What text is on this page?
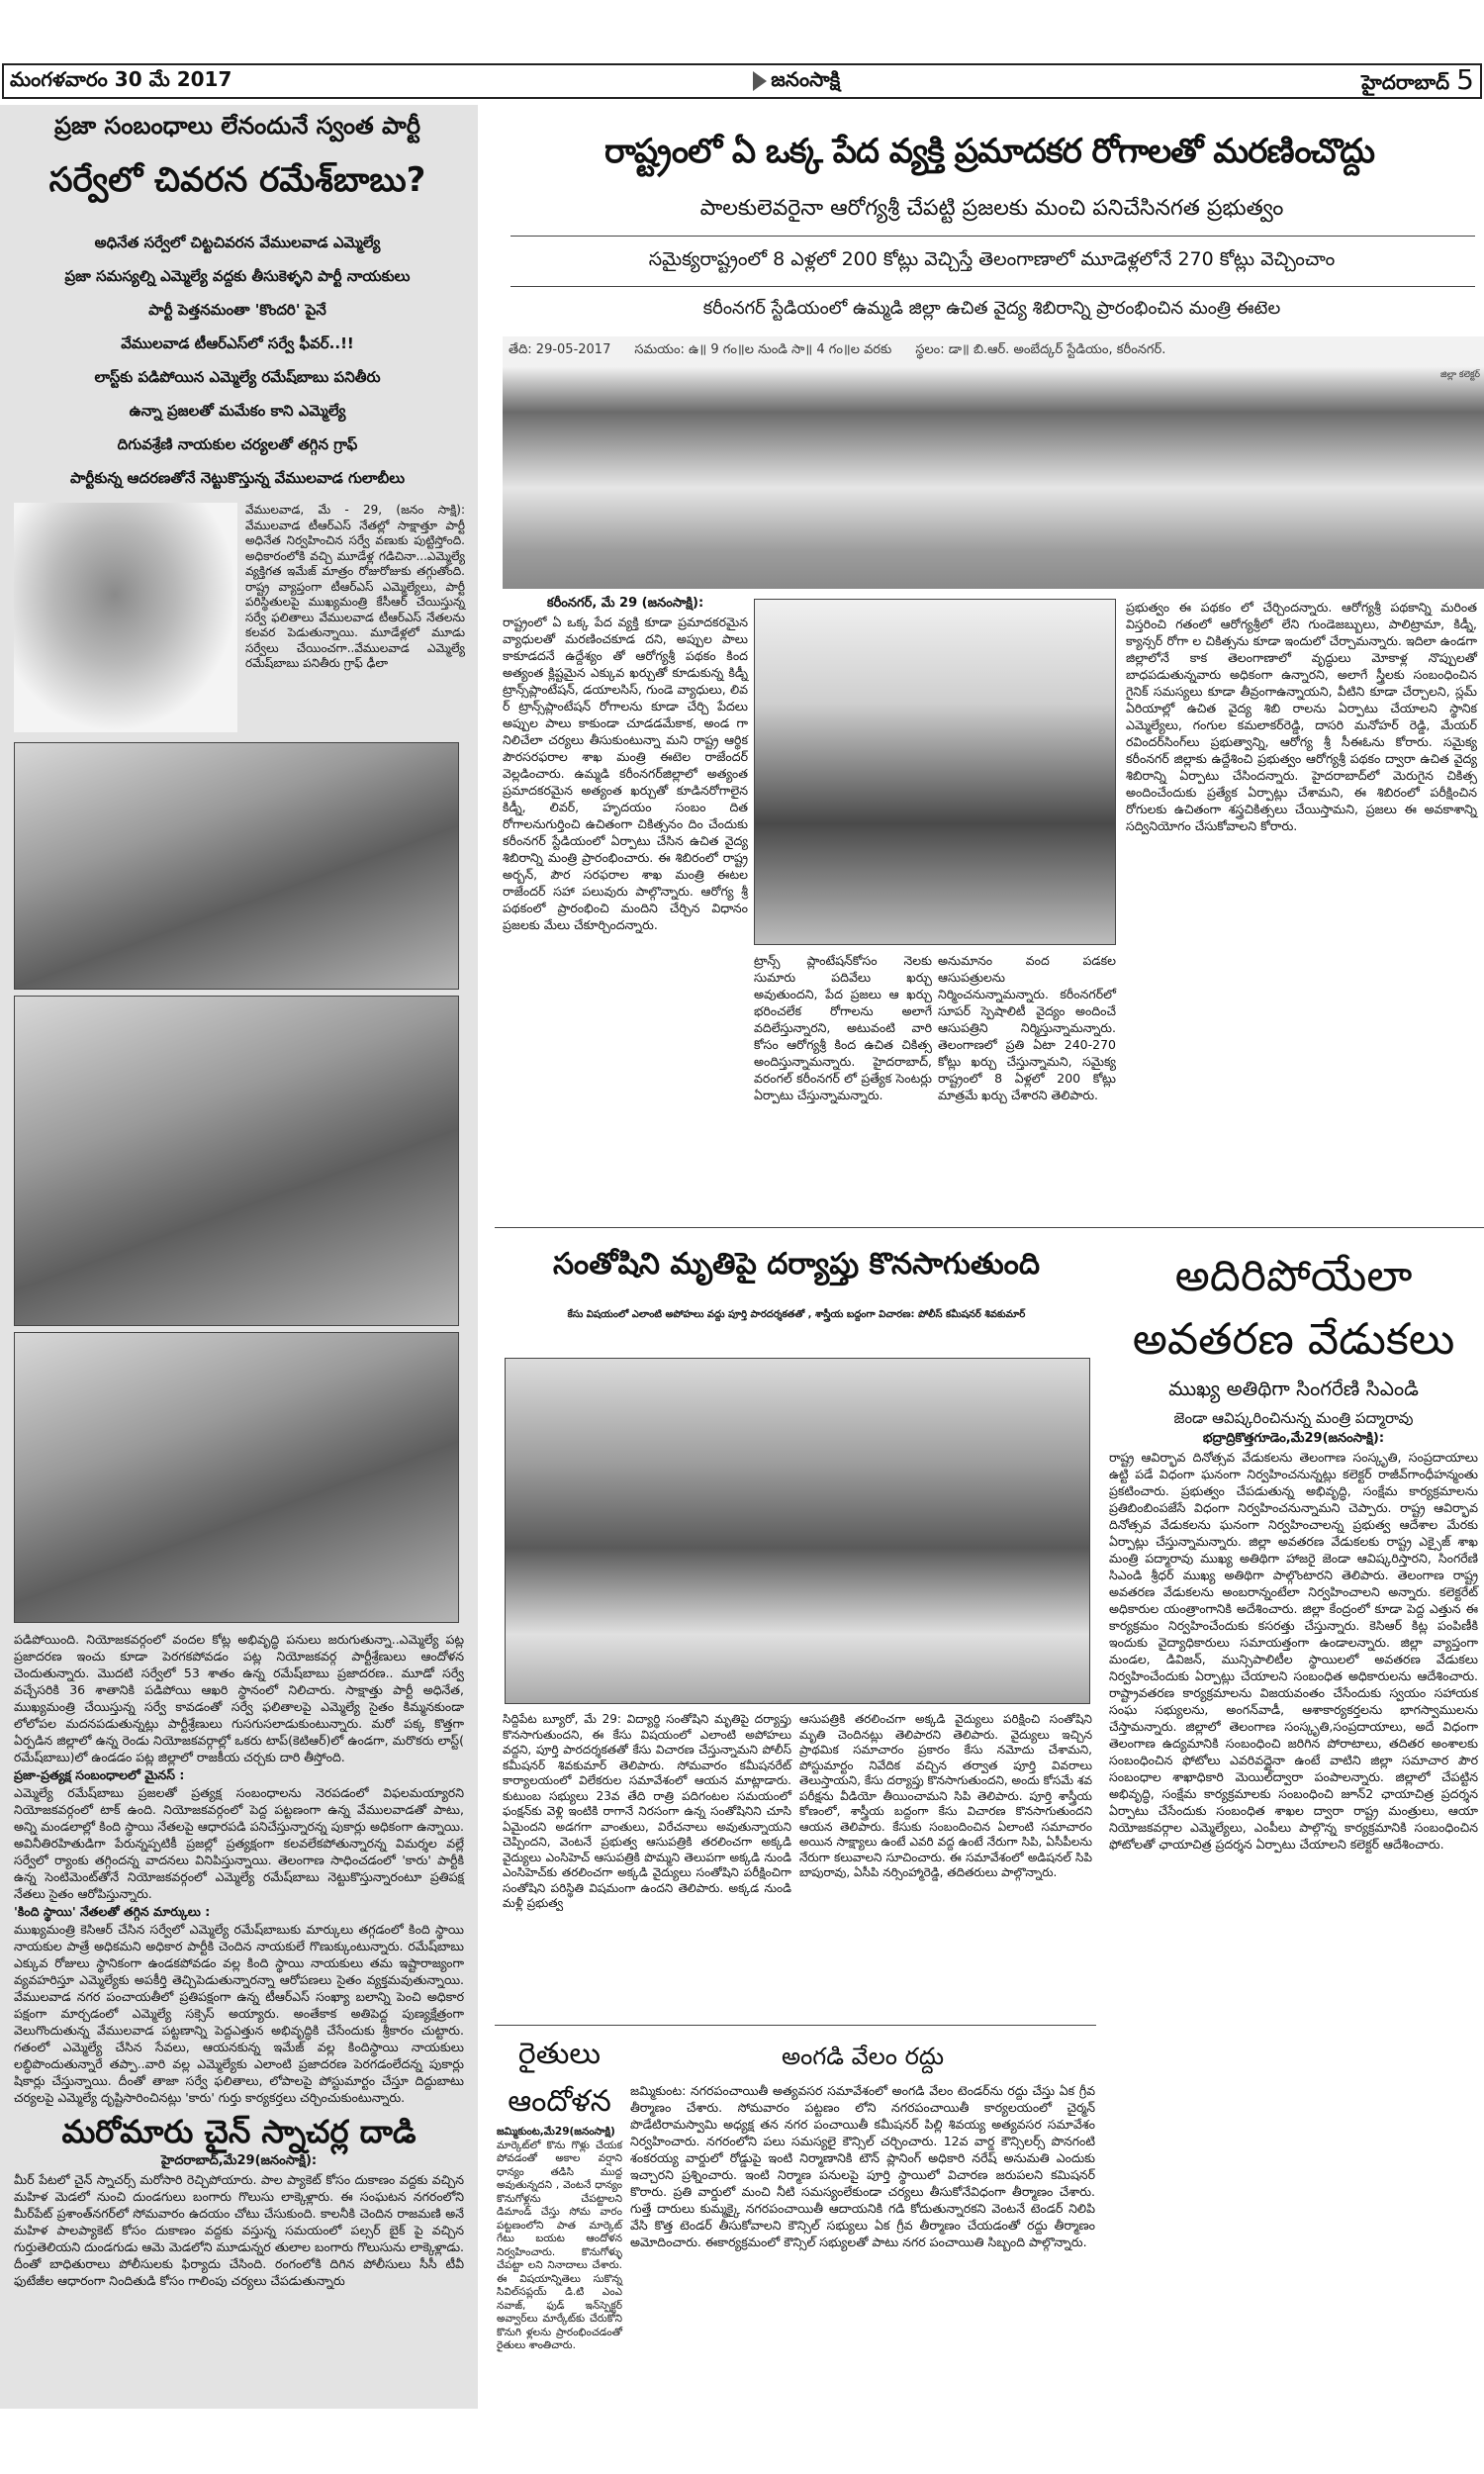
మంగళవారం 30 మే 2017	జనంసాక్షి	హైదరాబాద్ 5
ప్రజా సంబంధాలు లేనందునే స్వంత పార్టీ
సర్వేలో చివరన రమేశ్‌బాబు?
అధినేత సర్వేలో చిట్టచివరన వేములవాడ ఎమ్మెల్యే
ప్రజా సమస్యల్ని ఎమ్మెల్యే వద్దకు తీసుకెళ్ళని పార్టీ నాయకులు
పార్టీ పెత్తనమంతా 'కొందరి' పైనే
వేములవాడ టీఆర్ఎస్‌లో సర్వే ఫీవర్..!!
లాస్ట్‌కు పడిపోయిన ఎమ్మెల్యే రమేష్‌బాబు పనితీరు
ఉన్నా ప్రజలతో మమేకం కాని ఎమ్మెల్యే
దిగువశ్రేణి నాయకుల చర్యలతో తగ్గిన గ్రాఫ్
పార్టీకున్న ఆదరణతోనే నెట్టుకొస్తున్న వేములవాడ గులాబీలు
వేములవాడ, మే - 29, (జనం సాక్షి): వేములవాడ టీఆర్ఎస్ నేతల్లో సాక్షాత్తూ పార్టీ అధినేత నిర్వహించిన సర్వే వణుకు పుట్టిస్తోంది. అధికారంలోకి వచ్చి మూడేళ్ల గడిచినా...ఎమ్మెల్యే వ్యక్తిగత ఇమేజ్ మాత్రం రోజురోజుకు తగ్గుతోంది. రాష్ట్ర వ్యాప్తంగా టీఆర్ఎస్ ఎమ్మెల్యేలు, పార్టీ పరిస్థితులపై ముఖ్యమంత్రి కేసీఆర్ చేయిస్తున్న సర్వే ఫలితాలు వేములవాడ టీఆర్ఎస్ నేతలను కలవర పెడుతున్నాయి. మూడేళ్లలో మూడు సర్వేలు చేయించగా..వేములవాడ ఎమ్మెల్యే రమేష్‌బాబు పనితీరు గ్రాఫ్ ఢీలా

పడిపోయింది. నియోజకవర్గంలో వందల కోట్ల అభివృద్ధి పనులు జరుగుతున్నా..ఎమ్మెల్యే పట్ల ప్రజాదరణ ఇంచు కూడా పెరగకపోవడం పట్ల నియోజకవర్గ పార్టీశ్రేణులు ఆందోళన చెందుతున్నారు. మొదటి సర్వేలో 53 శాతం ఉన్న రమేష్‌బాబు ప్రజాదరణ.. మూడో సర్వే వచ్చేసరికి 36 శాతానికి పడిపోయి ఆఖరి స్థానంలో నిలిచారు. సాక్షాత్తు పార్టీ అధినేత, ముఖ్యమంత్రి చేయిస్తున్న సర్వే కావడంతో సర్వే ఫలితాలపై ఎమ్మెల్యే సైతం కిమ్మనకుండా లోలోపల మదనపడుతున్నట్లు పార్టీశ్రేణులు గుసగుసలాడుకుంటున్నారు. మరో పక్క కొత్తగా ఏర్పడిన జిల్లాలో ఉన్న రెండు నియోజకవర్గాల్లో ఒకరు టాప్(కెటిఆర్)లో ఉండగా, మరొకరు లాస్ట్( రమేష్‌బాబు)లో ఉండడం పట్ల జిల్లాలో రాజకీయ చర్చకు దారి తీస్తోంది.

ప్రజా-ప్రత్యక్ష సంబంధాలలో మైనస్ :

ఎమ్మెల్యే రమేష్‌బాబు ప్రజలతో ప్రత్యక్ష సంబంధాలను నెరపడంలో విఫలమయ్యారని నియోజకవర్గంలో టాక్ ఉంది. నియోజకవర్గంలో పెద్ద పట్టణంగా ఉన్న వేములవాడతో పాటు, అన్ని మండలాల్లో కింది స్థాయి నేతలపై ఆధారపడి పనిచేస్తున్నారన్న పుకార్లు అధికంగా ఉన్నాయి. అవినీతిరహితుడిగా పేరున్నప్పటికీ ప్రజల్లో ప్రత్యక్షంగా కలవలేకపోతున్నారన్న విమర్శల వల్లే సర్వేలో ర్యాంకు తగ్గిందన్న వాదనలు వినిపిస్తున్నాయి. తెలంగాణ సాధించడంలో 'కారు' పార్టీకి ఉన్న సెంటిమెంట్‌తోనే నియోజకవర్గంలో ఎమ్మెల్యే రమేష్‌బాబు నెట్టుకొస్తున్నారంటూ ప్రతిపక్ష నేతలు సైతం ఆరోపిస్తున్నారు.

'కింది స్థాయి' నేతలతో తగ్గిన మార్కులు :

ముఖ్యమంత్రి కెసిఆర్ చేసిన సర్వేలో ఎమ్మెల్యే రమేష్‌బాబుకు మార్కులు తగ్గడంలో కింది స్థాయి నాయకుల పాత్రే అధికమని అధికార పార్టీకి చెందిన నాయకులే గొణుక్కుంటున్నారు. రమేష్‌బాబు ఎక్కువ రోజులు స్థానికంగా ఉండకపోవడం వల్ల కింది స్థాయి నాయకులు తమ ఇష్టారాజ్యంగా వ్యవహరిస్తూ ఎమ్మెల్యేకు అపకీర్తి తెచ్చిపెడుతున్నారన్నా ఆరోపణలు సైతం వ్యక్తమవుతున్నాయి. వేములవాడ నగర పంచాయతీలో ప్రతిపక్షంగా ఉన్న టీఆర్ఎస్ సంఖ్యా బలాన్ని పెంచి అధికార పక్షంగా మార్చడంలో ఎమ్మెల్యే సక్సెస్ అయ్యారు. అంతేకాక అతిపెద్ద పుణ్యక్షేత్రంగా వెలుగొందుతున్న వేములవాడ పట్టణాన్ని పెద్దఎత్తున అభివృద్ధికి చేసేందుకు శ్రీకారం చుట్టారు. గతంలో ఎమ్మెల్యే చేసిన సేవలు, ఆయనకున్న ఇమేజ్ వల్ల కిందిస్థాయి నాయకులు లబ్ధిపొందుతున్నారే తప్పా..వారి వల్ల ఎమ్మెల్యేకు ఎలాంటి ప్రజాదరణ పెరగడంలేదన్న పుకార్లు షికార్లు చేస్తున్నాయి. దీంతో తాజా సర్వే ఫలితాలు, లోపాలపై పోస్టుమార్టం చేస్తూ దిద్దుబాటు చర్యలపై ఎమ్మెల్యే దృష్టిసారించినట్లు 'కారు' గుర్తు కార్యకర్తలు చర్చించుకుంటున్నారు.

మరోమారు చైన్ స్నాచర్ల దాడి
హైదరాబాద్,మే29(జనంసాక్షి):
మీర్ పేటలో చైన్ స్నాచర్స్ మరోసారి రెచ్చిపోయారు. పాల ప్యాకెట్ కోసం దుకాణం వద్దకు వచ్చిన మహిళ మెడలో నుంచి దుండగులు బంగారు గొలుసు లాక్కెళ్లారు. ఈ సంఘటన నగరంలోని మీర్‌పేట్ ప్రశాంత్‌నగర్‌లో సోమవారం ఉదయం చోటు చేసుకుంది. కాలనీకి చెందిన రాజమణి అనే మహిళ పాలప్యాకెట్ కోసం దుకాణం వద్దకు వస్తున్న సమయంలో పల్సర్ బైక్ పై వచ్చిన గుర్తుతెలియని దుండగుడు ఆమె మెడలోని మూడున్నర తులాల బంగారు గొలుసును లాక్కెళ్లాడు. దీంతో బాధితురాలు పోలీసులకు ఫిర్యాదు చేసింది. రంగంలోకి దిగిన పోలీసులు సీసీ టీవీ ఫుటేజీల ఆధారంగా నిందితుడి కోసం గాలింపు చర్యలు చేపడుతున్నారు
రాష్ట్రంలో ఏ ఒక్క పేద వ్యక్తి ప్రమాదకర రోగాలతో మరణించొద్దు
పాలకులెవరైనా ఆరోగ్యశ్రీ చేపట్టి ప్రజలకు మంచి పనిచేసినగత ప్రభుత్వం
సమైక్యరాష్ట్రంలో 8 ఎళ్లలో 200 కోట్లు వెచ్చిస్తే తెలంగాణాలో మూడెళ్లలోనే 270 కోట్లు వెచ్చించాం
కరీంనగర్ స్టేడియంలో ఉమ్మడి జిల్లా ఉచిత వైద్య శిబిరాన్ని ప్రారంభించిన మంత్రి ఈటెల
తేది: 29-05-2017 సమయం: ఉ॥ 9 గం॥ల నుండి సా॥ 4 గం॥ల వరకు స్థలం: డా॥ బి.ఆర్. అంబేద్కర్ స్టేడియం, కరీంనగర్.
జిల్లా కలెక్టర్
కరీంనగర్, మే 29 (జనంసాక్షి):
రాష్ట్రంలో ఏ ఒక్క పేద వ్యక్తి కూడా ప్రమాదకరమైన వ్యాధులతో మరణించకూడ దని, అప్పుల పాలు కాకూడదనే ఉద్దేశ్యం తో ఆరోగ్యశ్రీ పథకం కింద అత్యంత క్లిష్టమైన ఎక్కువ ఖర్చుతో కూడుకున్న కిడ్నీ ట్రాన్స్‌ప్లాంటేషన్, డయాలసిస్, గుండె వ్యాధులు, లివ ర్ ట్రాన్స్‌ప్లాంటేషన్ రోగాలను కూడా చేర్చి పేదలు అప్పుల పాలు కాకుండా చూడడమేకాక, అండ గా నిలిచేలా చర్యలు తీసుకుంటున్నా మని రాష్ట్ర ఆర్థిక పౌరసరఫరాల శాఖ మంత్రి ఈటెల రాజేందర్ వెల్లడించారు. ఉమ్మడి కరీంనగర్‌జిల్లాలో అత్యంత ప్రమాదకరమైన అత్యంత ఖర్చుతో కూడినరోగాలైన కిడ్నీ, లివర్, హృదయం సంబం దిత రోగాలనుగుర్తించి ఉచితంగా చికిత్సనం దిం చేందుకు కరీంనగర్ స్టేడియంలో ఏర్పాటు చేసిన ఉచిత వైద్య శిబిరాన్ని మంత్రి ప్రారంభించారు. ఈ శిబిరంలో రాష్ట్ర అర్బన్, పౌర సరఫరాల శాఖ మంత్రి ఈటల రాజేందర్ సహా పలువురు పాల్గొన్నారు. ఆరోగ్య శ్రీ పథకంలో ప్రారంభించి మందిని చేర్చిన విధానం ప్రజలకు మేలు చేకూర్చిందన్నారు.
ట్రాన్స్ ప్లాంటేషన్‌కోసం నెలకు సుమారు పదివేలు ఖర్చు అవుతుందని, పేద ప్రజలు ఆ ఖర్చు భరించలేక రోగాలను అలాగే వదిలేస్తున్నారని, అటువంటి వారి కోసం ఆరోగ్యశ్రీ కింద ఉచిత చికిత్స అందిస్తున్నామన్నారు. హైదరాబాద్, వరంగల్ కరీంనగర్ లో ప్రత్యేక సెంటర్లు ఏర్పాటు చేస్తున్నామన్నారు.
అనుమానం వంద పడకల ఆసుపత్రులను నిర్మించనున్నామన్నారు. కరీంనగర్‌లో సూపర్ స్పెషాలిటీ వైద్యం అందించే ఆసుపత్రిని నిర్మిస్తున్నామన్నారు. తెలంగాణలో ప్రతి ఏటా 240-270 కోట్లు ఖర్చు చేస్తున్నామని, సమైక్య రాష్ట్రంలో 8 ఏళ్లలో 200 కోట్లు మాత్రమే ఖర్చు చేశారని తెలిపారు.
ప్రభుత్వం ఈ పథకం లో చేర్చిందన్నారు. ఆరోగ్యశ్రీ పథకాన్ని మరింత విస్తరించి గతంలో ఆరోగ్యశ్రీలో లేని గుండెజబ్బులు, పాలిట్రామా, కిడ్నీ, క్యాన్సర్ రోగా ల చికిత్సను కూడా ఇందులో చేర్చామన్నారు. ఇదిలా ఉండగా జిల్లాలోనే కాక తెలంగాణాలో వృద్ధులు మోకాళ్ల నొప్పులతో బాధపడుతున్నవారు అధికంగా ఉన్నారని, అలాగే స్త్రీలకు సంబంధించిన గైనిక్ సమస్యలు కూడా తీవ్రంగాఉన్నాయని, వీటిని కూడా చేర్చాలని, స్లమ్ ఏరియాల్లో ఉచిత వైద్య శిబి రాలను ఏర్పాటు చేయాలని స్థానిక ఎమ్మెల్యేలు, గంగుల కమలాకర్‌రెడ్డి, దాసరి మనోహర్ రెడ్డి, మేయర్ రవిందర్‌సింగ్‌లు ప్రభుత్వాన్ని, ఆరోగ్య శ్రీ సీఈఓను కోరారు. సమైక్య కరీంనగర్ జిల్లాకు ఉద్దేశించి ప్రభుత్వం ఆరోగ్యశ్రీ పథకం ద్వారా ఉచిత వైద్య శిబిరాన్ని ఏర్పాటు చేసిందన్నారు. హైదరాబాద్‌లో మెరుగైన చికిత్స అందించేందుకు ప్రత్యేక ఏర్పాట్లు చేశామని, ఈ శిబిరంలో పరీక్షించిన రోగులకు ఉచితంగా శస్త్రచికిత్సలు చేయిస్తామని, ప్రజలు ఈ అవకాశాన్ని సద్వినియోగం చేసుకోవాలని కోరారు.
సంతోషిని మృతిపై దర్యాప్తు కొనసాగుతుంది
కేసు విషయంలో ఎలాంటి అపోహలు వద్దు పూర్తి పారదర్శకతతో , శాస్త్రీయ బద్దంగా విచారణ: పోలీస్ కమీషనర్ శివకుమార్
సిద్దిపేట బ్యూరో, మే 29: విద్యార్థి సంతోషిని మృతిపై దర్యాప్తు కొనసాగుతుందని, ఈ కేసు విషయంలో ఎలాంటి అపోహలు వద్దని, పూర్తి పారదర్శకతతో కేసు విచారణ చేస్తున్నామని పోలీస్ కమీషనర్ శివకుమార్ తెలిపారు. సోమవారం కమీషనరేట్ కార్యాలయంలో విలేకరుల సమావేశంలో ఆయన మాట్లాడారు. కుటుంబ సభ్యులు 23వ తేది రాత్రి పదిగంటల సమయంలో ఫంక్షన్‌కు వెళ్లి ఇంటికి రాగానే నిరసంగా ఉన్న సంతోషినిని చూసి ఏమైందని అడగగా వాంతులు, విరేచనాలు అవుతున్నాయని చెప్పిందని, వెంటనే ప్రభుత్వ ఆసుపత్రికి తరలించగా అక్కడి వైద్యులు ఎంసిహెచ్ ఆసుపత్రికి పొమ్మని తెలుపగా అక్కడి నుండి ఎంసిహెచ్‌కు తరలించగా అక్కడి వైద్యులు సంతోషిని పరీక్షించిగా సంతోషిని పరిస్థితి విషమంగా ఉందని తెలిపారు. అక్కడ నుండి మళ్లీ ప్రభుత్వ
ఆసుపత్రికి తరలించగా అక్కడి వైద్యులు పరిక్షించి సంతోషిని మృతి చెందినట్లు తెలిపారని తెలిపారు. వైద్యులు ఇచ్చిన ప్రాథమిక సమాచారం ప్రకారం కేసు నమోదు చేశామని, పోస్టుమార్టం నివేదిక వచ్చిన తర్వాత పూర్తి వివరాలు తెలుస్తాయని, కేసు దర్యాప్తు కొనసాగుతుందని, అందు కోసమే శవ పరీక్షను వీడియో తీయించామని సిపి తెలిపారు. పూర్తి శాస్త్రీయ కోణంలో, శాస్త్రీయ బద్దంగా కేసు విచారణ కొనసాగుతుందని ఆయన తెలిపారు. కేసుకు సంబందించిన ఏలాంటి సమాచారం అయిన సాక్ష్యాలు ఉంటే ఎవరి వద్ద ఉంటే నేరుగా సిపి, ఏసీపీలను నేరుగా కలువాలని సూచించారు. ఈ సమావేశంలో అడిషనల్ సిపి బాపురావు, ఏసీపి నర్సింహ్మారెడ్డి, తదితరులు పాల్గొన్నారు.
అదిరిపోయేలా
అవతరణ వేడుకలు
ముఖ్య అతిథిగా సింగరేణి సిఎండి
జెండా ఆవిష్కరించినున్న మంత్రి పద్మారావు
భద్రాద్రికొత్తగూడెం,మే29(జనంసాక్షి):
రాష్ట్ర ఆవిర్భావ దినోత్సవ వేడుకలను తెలంగాణ సంస్కృతి, సంప్రదాయాలు ఉట్టి పడే విధంగా ఘనంగా నిర్వహించనున్నట్లు కలెక్టర్ రాజీవ్‌గాంధీహన్మంతు ప్రకటించారు. ప్రభుత్వం చేపడుతున్న అభివృద్ధి, సంక్షేమ కార్యక్రమాలను ప్రతిబింబింపజేసే విధంగా నిర్వహించనున్నామని చెప్పారు. రాష్ట్ర ఆవిర్భావ దినోత్సవ వేడుకలను ఘనంగా నిర్వహించాలన్న ప్రభుత్వ ఆదేశాల మేరకు ఏర్పాట్లు చేస్తున్నామన్నారు. జిల్లా అవతరణ వేడుకలకు రాష్ట్ర ఎక్సైజ్ శాఖ మంత్రి పద్మారావు ముఖ్య అతిథిగా హాజరై జెండా ఆవిష్కరిస్తారని, సింగరేణి సిఎండి శ్రీధర్ ముఖ్య అతిథిగా పాల్గొంటారని తెలిపారు. తెలంగాణ రాష్ట్ర అవతరణ వేడుకలను అంబరాన్నంటేలా నిర్వహించాలని అన్నారు. కలెక్టరేట్ అధికారుల యంత్రాంగానికి అదేశించారు. జిల్లా కేంద్రంలో కూడా పెద్ద ఎత్తున ఈ కార్యక్రమం నిర్వహించేందుకు కసరత్తు చేస్తున్నారు. కెసిఆర్ కిట్ల పంపిణీకి ఇందుకు వైద్యాధికారులు సమాయత్తంగా ఉండాలన్నారు. జిల్లా వ్యాప్తంగా మండల, డివిజన్, మున్సిపాలిటీల స్థాయిలలో అవతరణ వేడుకలు నిర్వహించేందుకు ఏర్పాట్లు చేయాలని సంబంధిత అధికారులను ఆదేశించారు. రాష్ట్రావతరణ కార్యక్రమాలను విజయవంతం చేసేందుకు స్వయం సహాయక సంఘ సభ్యులను, అంగన్‌వాడీ, ఆశాకార్యకర్తలను భాగస్వాములను చేస్తామన్నారు. జిల్లాలో తెలంగాణ సంస్కృతి,సంప్రదాయాలు, అదే విధంగా తెలంగాణ ఉద్యమానికి సంబంధించి జరిగిన పోరాటాలు, తదితర అంశాలకు సంబంధించిన ఫోటోలు ఎవరివద్దైనా ఉంటే వాటిని జిల్లా సమాచార పౌర సంబంధాల శాఖాధికారి మెయిల్‌ద్వారా పంపాలన్నారు. జిల్లాలో చేపట్టిన అభివృద్ధి, సంక్షేమ కార్యక్రమాలకు సంబంధించి జూన్2 ఛాయాచిత్ర ప్రదర్శన ఏర్పాటు చేసేందుకు సంబంధిత శాఖల ద్వారా రాష్ట్ర మంత్రులు, ఆయా నియోజకవర్గాల ఎమ్మెల్యేలు, ఎంపీలు పాల్గొన్న కార్యక్రమానికి సంబంధించిన ఫోటోలతో ఛాయాచిత్ర ప్రదర్శన ఏర్పాటు చేయాలని కలెక్టర్ ఆదేశించారు.
రైతులు
ఆందోళన
జమ్మికుంట,మే29(జనంసాక్షి) మార్కెట్‌లో కొను గొళ్లు చేయక పోవడంతో అకాల వర్షాని ధాన్యం తడిసి ముద్ద అవుతున్నదని , వెంటనే ధాన్యం కొనుగోళ్లను చేపట్టాలని డిమాండ్ చేస్తు సోమ వారం పట్టణంలోని పాత మార్కెట్ గేటు బయట ఆందోళన నిర్వహించారు. కొనుగోళ్ళు చేపట్టా లని నినాదాలు చేశారు. ఈ విషయాన్నితెలు సుకొన్న సివిల్‌సప్లయ్ డి.టి ఎంఎ నవాజ్, ఫుడ్ ఇన్‌స్పెక్టర్ అవ్వార్‌లు మార్కేట్‌కు చేరుకోని కొనుగి ళ్లలను ప్రారంభించడంతో రైతులు శాంతిచారు.
అంగడి వేలం రద్దు
జమ్మికుంట: నగరపంచాయితీ అత్యవసర సమావేశంలో అంగడి వేలం టెండర్‌ను రద్దు చేస్తు ఏక గ్రీవ తీర్మాణం చేశారు. సోమవారం పట్టణం లోని నగరపంచాయితీ కార్యలయంలో చైర్మన్ పొడేటిరామస్వామి అధ్యక్ష తన నగర పంచాయితీ కమీషనర్ పిల్లి శివయ్య అత్యవసర సమావేశం నిర్వహించారు. నగరంలోని పలు సమస్యలై కౌన్సిల్ చర్చించారు. 12వ వార్డ కౌన్సిలర్స్ పొనగంటి శంకరయ్య వార్డులో రోడ్డుపై ఇంటి నిర్మాణానికి టౌన్ ప్లానింగ్ అధికారి నరేష్ అనుమతి ఎందుకు ఇచ్చారని ప్రశ్నించారు. ఇంటి నిర్మాణ పనులపై పూర్తి స్థాయిలో విచారణ జరుపలని కమిషనర్ కొరారు. ప్రతి వార్డులో మంచి నీటి సమస్యంలేకుండా చర్యలు తీసుకోనేవిధంగా తీర్మాణం చేశారు. గుత్తే దారులు కుమ్మక్కై నగరపంచాయితీ ఆదాయనికి గడి కోదుతున్నారకని వెంటనే టెండర్ నిలిపి వేసి కొత్త టెండర్ తీసుకోవాలని కౌన్సిల్ సభ్యులు ఏక గ్రీవ తీర్మాణం చేయడంతో రద్దు తీర్మాణం అమోదించారు. ఈకార్యక్రమంలో కౌన్సిల్ సభ్యులతో పాటు నగర పంచాయితి సిబ్బంది పాల్గొన్నారు.
